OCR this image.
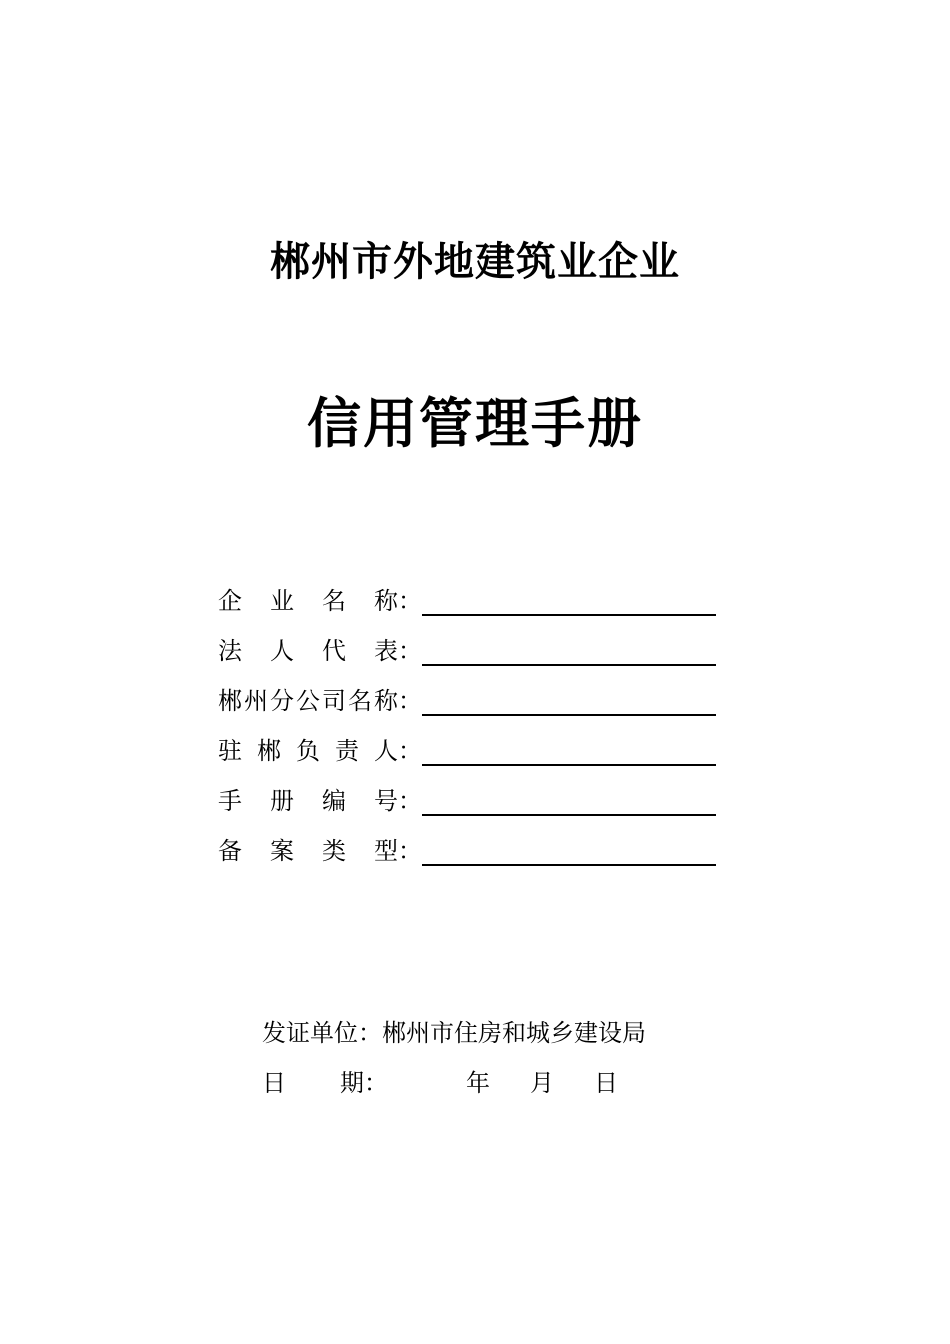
郴州市外地建筑业企业
信用管理手册
企 业 名 称：
法 人 代 表：
郴 州 分 公 司 名 称：
驻 郴 负 责 人：
手 册 编 号：
备 案 类 型：
发证单位：郴州市住房和城乡建设局
日 期：	年 月 日
